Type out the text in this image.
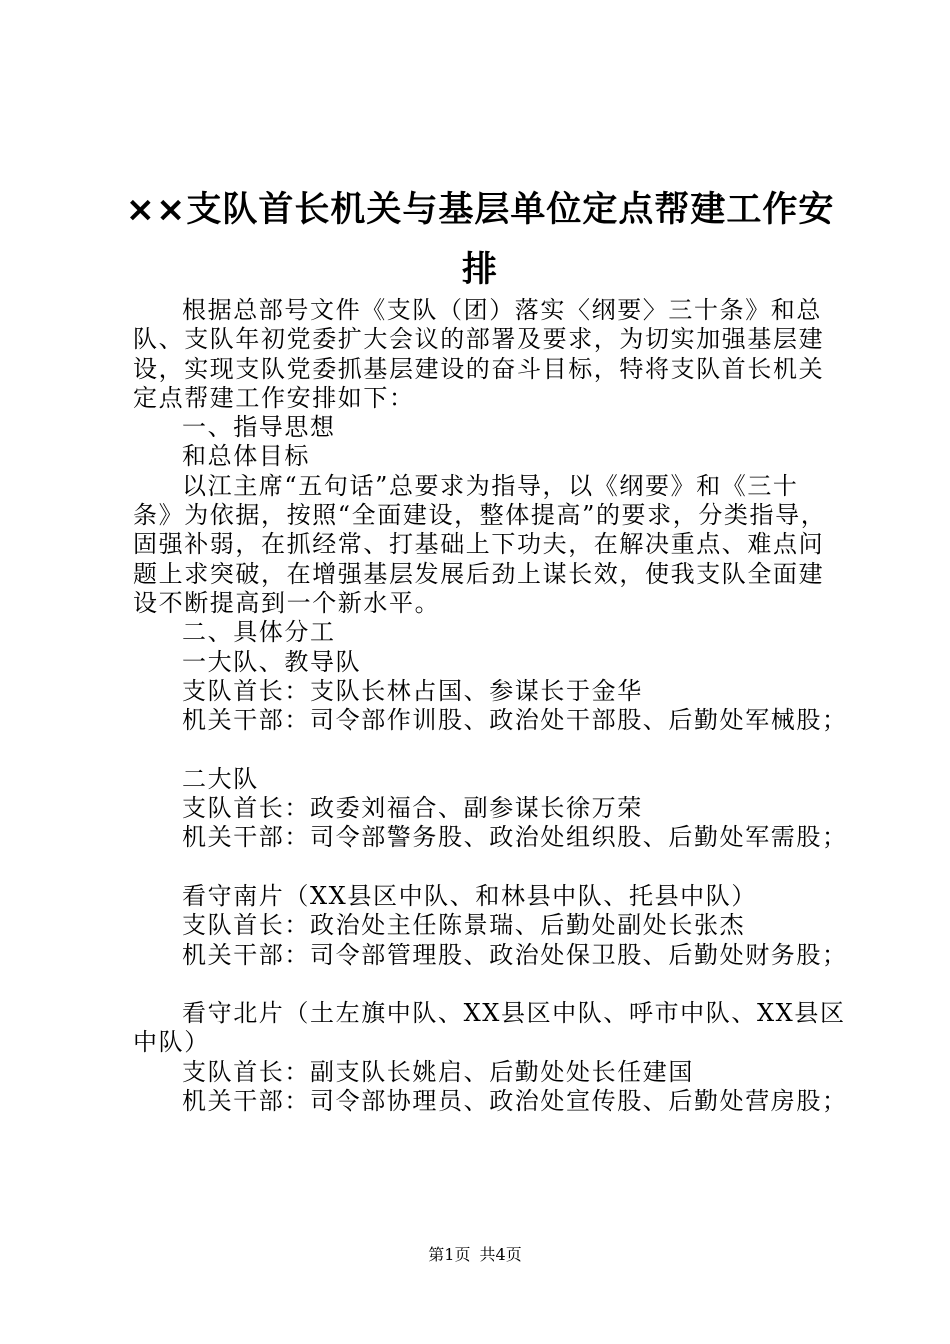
××支队首长机关与基层单位定点帮建工作安
排
根据总部号文件《支队（团）落实〈纲要〉三十条》和总
队、支队年初党委扩大会议的部署及要求，为切实加强基层建
设，实现支队党委抓基层建设的奋斗目标，特将支队首长机关
定点帮建工作安排如下：
一、指导思想
和总体目标
以江主席“五句话”总要求为指导，以《纲要》和《三十
条》为依据，按照“全面建设，整体提高”的要求，分类指导，
固强补弱，在抓经常、打基础上下功夫，在解决重点、难点问
题上求突破，在增强基层发展后劲上谋长效，使我支队全面建
设不断提高到一个新水平。
二、具体分工
一大队、教导队
支队首长：支队长林占国、参谋长于金华
机关干部：司令部作训股、政治处干部股、后勤处军械股；
二大队
支队首长：政委刘福合、副参谋长徐万荣
机关干部：司令部警务股、政治处组织股、后勤处军需股；
看守南片（XX县区中队、和林县中队、托县中队）
支队首长：政治处主任陈景瑞、后勤处副处长张杰
机关干部：司令部管理股、政治处保卫股、后勤处财务股；
看守北片（土左旗中队、XX县区中队、呼市中队、XX县区
中队）
支队首长：副支队长姚启、后勤处处长任建国
机关干部：司令部协理员、政治处宣传股、后勤处营房股；
第1页 共4页
